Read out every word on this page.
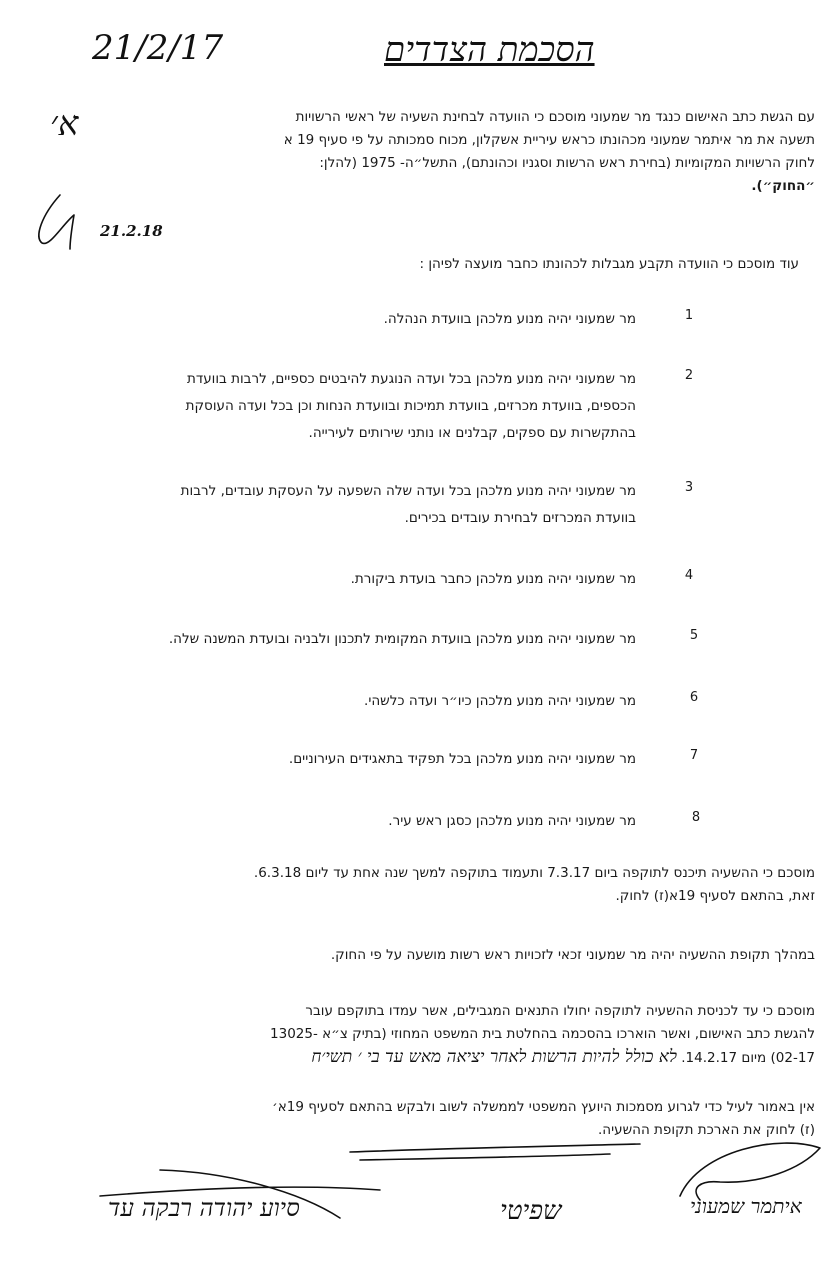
21/2/17	הסכמת הצדדים
א׳
21.2.18
עם הגשת כתב האישום כנגד מר שמעוני מוסכם כי הוועדה לבחינת השעיה של ראשי הרשויות
תשעה את מר איתמר שמעוני מכהונתו כראש עיריית אשקלון, מכוח סמכותה על פי סעיף 19 א
לחוק הרשויות המקומיות (בחירת ראש הרשות וסגניו וכהונתם), התשל״ה- 1975 (להלן:
״החוק״).
עוד מוסכם כי הוועדה תקבע מגבלות לכהונתו כחבר מועצה לפיהן :
מר שמעוני יהיה מנוע מלכהן בוועדת הנהלה.	1
מר שמעוני יהיה מנוע מלכהן בכל ועדה הנוגעת להיבטים כספיים, לרבות בוועדת
הכספים, בוועדת מכרזים, בוועדת תמיכות ובוועדת הנחות וכן בכל ועדה העוסקת
בהתקשרות עם ספקים, קבלנים או נותני שירותים לעירייה.
2
מר שמעוני יהיה מנוע מלכהן בכל ועדה שלה השפעה על העסקת עובדים, לרבות
בוועדת המכרזים לבחירת עובדים בכירים.
3
מר שמעוני יהיה מנוע מלכהן כחבר בועדת ביקורת.	4
מר שמעוני יהיה מנוע מלכהן בוועדת המקומית לתכנון ולבניה ובועדת המשנה שלה.	5
מר שמעוני יהיה מנוע מלכהן כיו״ר ועדה כלשהי.	6
מר שמעוני יהיה מנוע מלכהן בכל תפקיד בתאגידים העירוניים.	7
מר שמעוני יהיה מנוע מלכהן כסגן ראש עיר.	8
מוסכם כי ההשעיה תיכנס לתוקפה ביום 7.3.17 ותעמוד בתוקפה למשך שנה אחת עד ליום 6.3.18.
זאת, בהתאם לסעיף 19א(ז) לחוק.
במהלך תקופת ההשעיה יהיה מר שמעוני זכאי לזכויות ראש רשות מושעה על פי החוק.
מוסכם כי עד לכניסת ההשעיה לתוקפה יחולו התנאים המגבילים, אשר עמדו בתוקפם עובר
להגשת כתב האישום, ואשר הוארכו בהסכמה בהחלטת בית המשפט המחוזי (בתיק צ״א -13025
02-17) מיום 14.2.17. לא כולל להיות הרשות לאחר יציאה מאש עד בי ׳ תשי׳ח
אין באמור לעיל כדי לגרוע מסמכות היועץ המשפטי לממשלה לשוב ולבקש בהתאם לסעיף 19א׳
(ז) לחוק את הארכת תקופת ההשעיה.
סיוע יהודה רבקה עד	שפיטי	איתמר שמעוני
